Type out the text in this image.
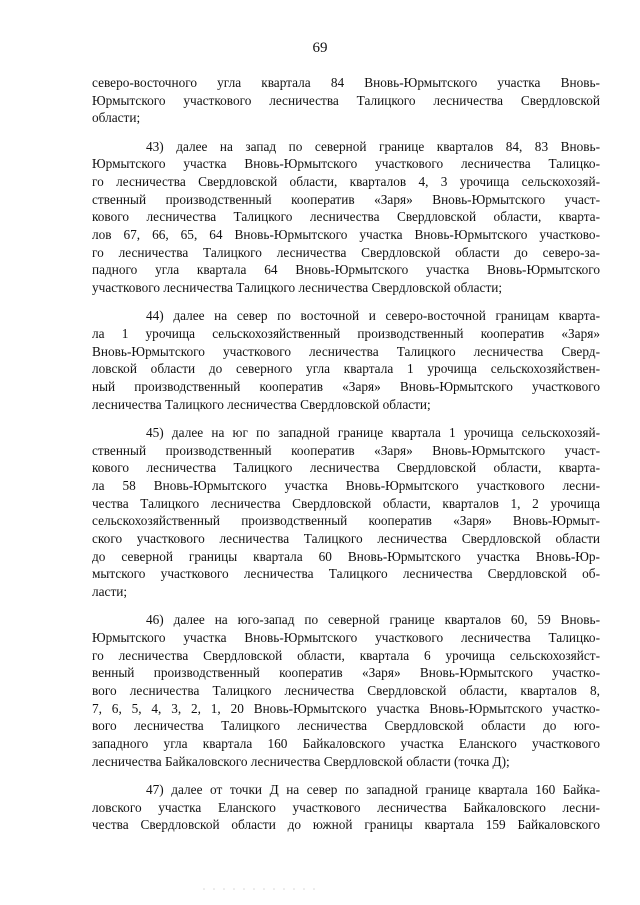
69
северо-восточного угла квартала 84 Вновь-Юрмытского участка Вновь-
Юрмытского участкового лесничества Талицкого лесничества Свердловской
области;
43) далее на запад по северной границе кварталов 84, 83 Вновь-
Юрмытского участка Вновь-Юрмытского участкового лесничества Талицко-
го лесничества Свердловской области, кварталов 4, 3 урочища сельскохозяй-
ственный производственный кооператив «Заря» Вновь-Юрмытского участ-
кового лесничества Талицкого лесничества Свердловской области, кварта-
лов 67, 66, 65, 64 Вновь-Юрмытского участка Вновь-Юрмытского участково-
го лесничества Талицкого лесничества Свердловской области до северо-за-
падного угла квартала 64 Вновь-Юрмытского участка Вновь-Юрмытского
участкового лесничества Талицкого лесничества Свердловской области;
44) далее на север по восточной и северо-восточной границам кварта-
ла 1 урочища сельскохозяйственный производственный кооператив «Заря»
Вновь-Юрмытского участкового лесничества Талицкого лесничества Сверд-
ловской области до северного угла квартала 1 урочища сельскохозяйствен-
ный производственный кооператив «Заря» Вновь-Юрмытского участкового
лесничества Талицкого лесничества Свердловской области;
45) далее на юг по западной границе квартала 1 урочища сельскохозяй-
ственный производственный кооператив «Заря» Вновь-Юрмытского участ-
кового лесничества Талицкого лесничества Свердловской области, кварта-
ла 58 Вновь-Юрмытского участка Вновь-Юрмытского участкового лесни-
чества Талицкого лесничества Свердловской области, кварталов 1, 2 урочища
сельскохозяйственный производственный кооператив «Заря» Вновь-Юрмыт-
ского участкового лесничества Талицкого лесничества Свердловской области
до северной границы квартала 60 Вновь-Юрмытского участка Вновь-Юр-
мытского участкового лесничества Талицкого лесничества Свердловской об-
ласти;
46) далее на юго-запад по северной границе кварталов 60, 59 Вновь-
Юрмытского участка Вновь-Юрмытского участкового лесничества Талицко-
го лесничества Свердловской области, квартала 6 урочища сельскохозяйст-
венный производственный кооператив «Заря» Вновь-Юрмытского участко-
вого лесничества Талицкого лесничества Свердловской области, кварталов 8,
7, 6, 5, 4, 3, 2, 1, 20 Вновь-Юрмытского участка Вновь-Юрмытского участко-
вого лесничества Талицкого лесничества Свердловской области до юго-
западного угла квартала 160 Байкаловского участка Еланского участкового
лесничества Байкаловского лесничества Свердловской области (точка Д);
47) далее от точки Д на север по западной границе квартала 160 Байка-
ловского участка Еланского участкового лесничества Байкаловского лесни-
чества Свердловской области до южной границы квартала 159 Байкаловского
